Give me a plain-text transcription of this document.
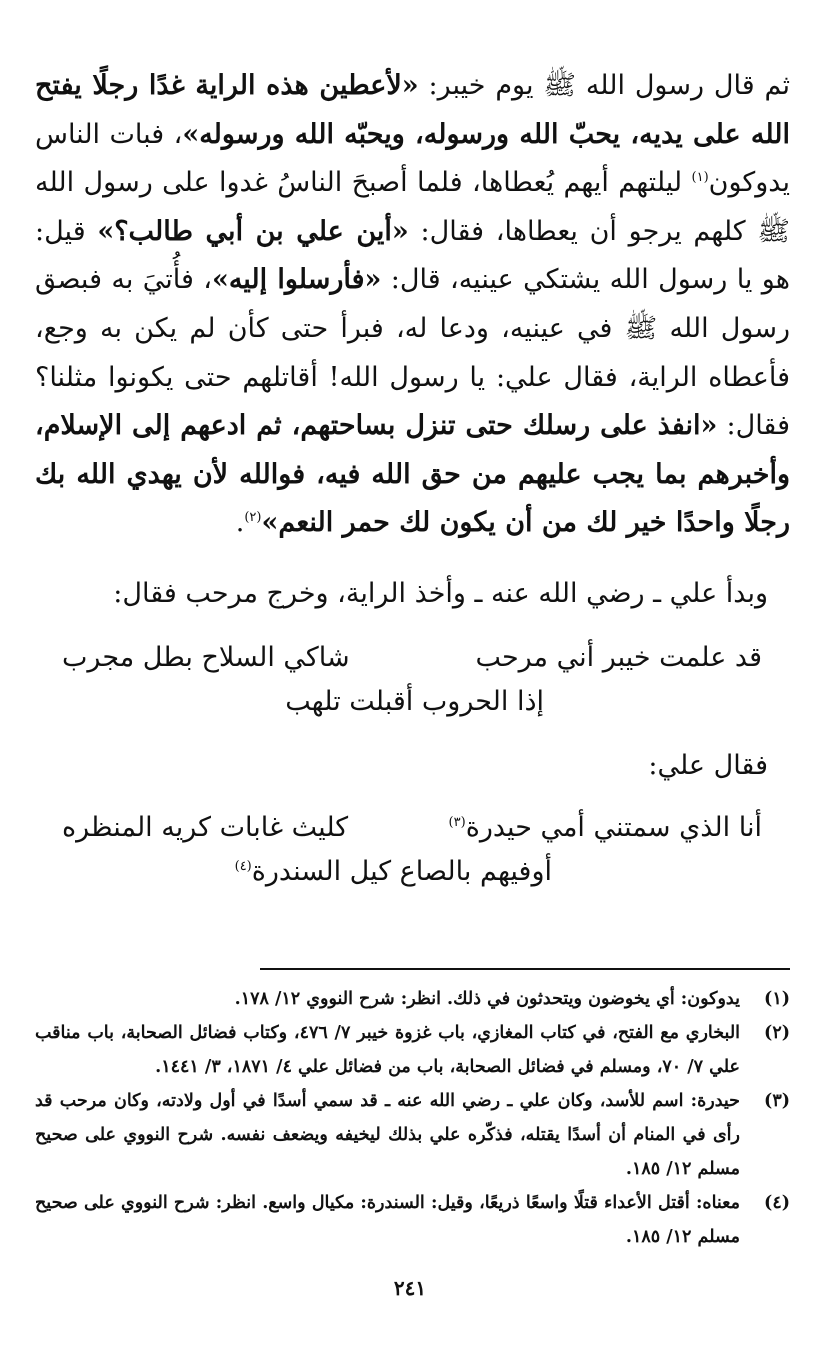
ثم قال رسول الله ﷺ يوم خيبر: «لأعطين هذه الراية غدًا رجلًا يفتح الله على يديه، يحبّ الله ورسوله، ويحبّه الله ورسوله»، فبات الناس يدوكون$^{(١)}$ ليلتهم أيهم يُعطاها، فلما أصبحَ الناسُ غدوا على رسول الله ﷺ كلهم يرجو أن يعطاها، فقال: «أين علي بن أبي طالب؟» قيل: هو يا رسول الله يشتكي عينيه، قال: «فأرسلوا إليه»، فأُتيَ به فبصق رسول الله ﷺ في عينيه، ودعا له، فبرأ حتى كأن لم يكن به وجع، فأعطاه الراية، فقال علي: يا رسول الله! أقاتلهم حتى يكونوا مثلنا؟ فقال: «انفذ على رسلك حتى تنزل بساحتهم، ثم ادعهم إلى الإسلام، وأخبرهم بما يجب عليهم من حق الله فيه، فوالله لأن يهدي الله بك رجلًا واحدًا خير لك من أن يكون لك حمر النعم»$^{(٢)}$.
وبدأ علي ـ رضي الله عنه ـ وأخذ الراية، وخرج مرحب فقال:
قد علمت خيبر أني مرحب
شاكي السلاح بطل مجرب
إذا الحروب أقبلت تلهب
فقال علي:
أنا الذي سمتني أمي حيدرة$^{(٣)}$
كليث غابات كريه المنظره
أوفيهم بالصاع كيل السندرة$^{(٤)}$
(١)
يدوكون: أي يخوضون ويتحدثون في ذلك. انظر: شرح النووي ١٢/ ١٧٨.
(٢)
البخاري مع الفتح، في كتاب المغازي، باب غزوة خيبر ٧/ ٤٧٦، وكتاب فضائل الصحابة، باب مناقب علي ٧/ ٧٠، ومسلم في فضائل الصحابة، باب من فضائل علي ٤/ ١٨٧١، ٣/ ١٤٤١.
(٣)
حيدرة: اسم للأسد، وكان علي ـ رضي الله عنه ـ قد سمي أسدًا في أول ولادته، وكان مرحب قد رأى في المنام أن أسدًا يقتله، فذكّره علي بذلك ليخيفه ويضعف نفسه. شرح النووي على صحيح مسلم ١٢/ ١٨٥.
(٤)
معناه: أقتل الأعداء قتلًا واسعًا ذريعًا، وقيل: السندرة: مكيال واسع. انظر: شرح النووي على صحيح مسلم ١٢/ ١٨٥.
٢٤١
